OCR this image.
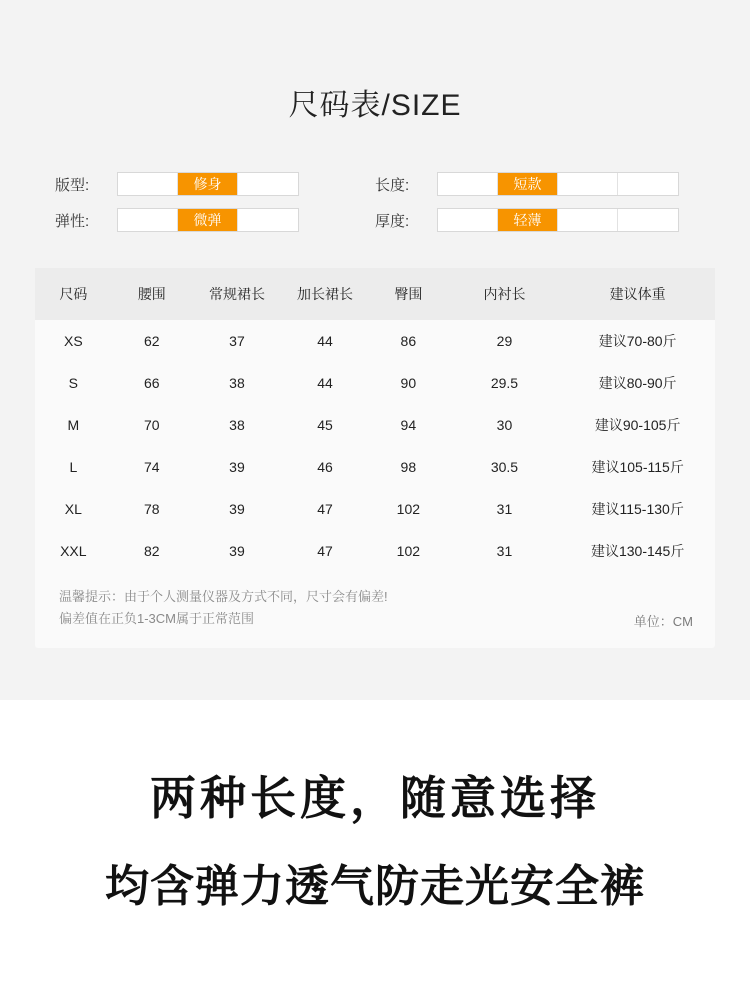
尺码表/SIZE
版型:	修身	长度:	短款
弹性:	微弹	厚度:	轻薄
尺码	腰围	常规裙长	加长裙长	臀围	内衬长	建议体重
XS	62	37	44	86	29	建议70-80斤
S	66	38	44	90	29.5	建议80-90斤
M	70	38	45	94	30	建议90-105斤
L	74	39	46	98	30.5	建议105-115斤
XL	78	39	47	102	31	建议115-130斤
XXL	82	39	47	102	31	建议130-145斤
温馨提示：由于个人测量仪器及方式不同，尺寸会有偏差!
偏差值在正负1-3CM属于正常范围	单位：CM

两种长度，随意选择

均含弹力透气防走光安全裤
